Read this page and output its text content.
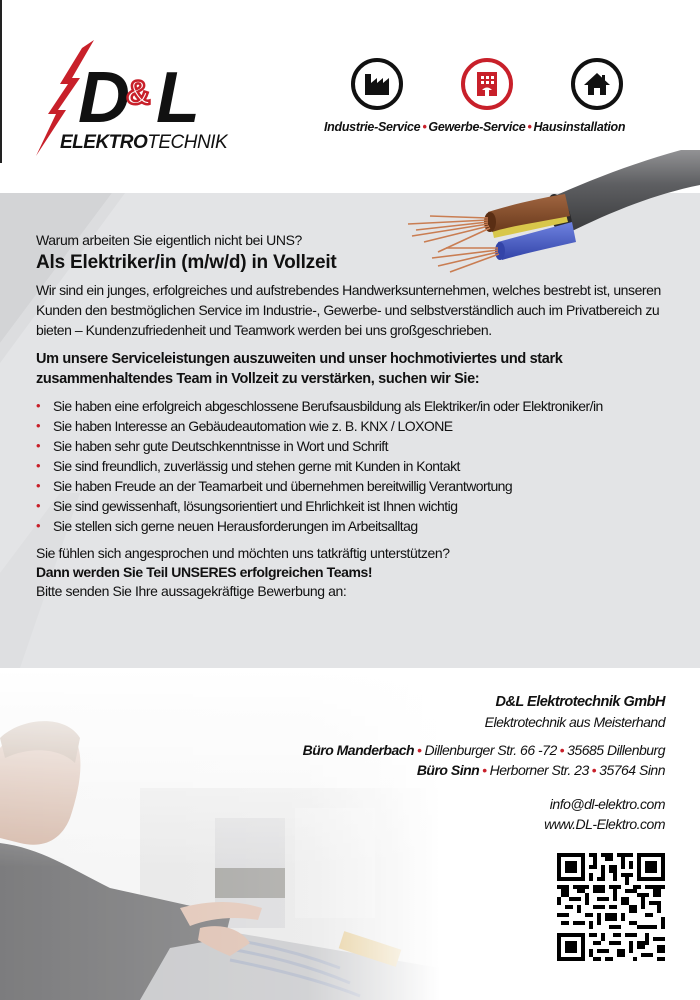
D & L
ELEKTROTECHNIK
Industrie-Service • Gewerbe-Service • Hausinstallation

Warum arbeiten Sie eigentlich nicht bei UNS?

Als Elektriker/in (m/w/d) in Vollzeit

Wir sind ein junges, erfolgreiches und aufstrebendes Handwerksunternehmen, welches bestrebt ist, unseren Kunden den bestmöglichen Service im Industrie-, Gewerbe- und selbstverständlich auch im Privatbereich zu bieten – Kundenzufriedenheit und Teamwork werden bei uns großgeschrieben.

Um unsere Serviceleistungen auszuweiten und unser hochmotiviertes und stark zusammenhaltendes Team in Vollzeit zu verstärken, suchen wir Sie:

• Sie haben eine erfolgreich abgeschlossene Berufsausbildung als Elektriker/in oder Elektroniker/in
• Sie haben Interesse an Gebäudeautomation wie z. B. KNX / LOXONE
• Sie haben sehr gute Deutschkenntnisse in Wort und Schrift
• Sie sind freundlich, zuverlässig und stehen gerne mit Kunden in Kontakt
• Sie haben Freude an der Teamarbeit und übernehmen bereitwillig Verantwortung
• Sie sind gewissenhaft, lösungsorientiert und Ehrlichkeit ist Ihnen wichtig
• Sie stellen sich gerne neuen Herausforderungen im Arbeitsalltag

Sie fühlen sich angesprochen und möchten uns tatkräftig unterstützen?

Dann werden Sie Teil UNSERES erfolgreichen Teams!

Bitte senden Sie Ihre aussagekräftige Bewerbung an:

D&L Elektrotechnik GmbH
Elektrotechnik aus Meisterhand
Büro Manderbach • Dillenburger Str. 66 -72 • 35685 Dillenburg
Büro Sinn • Herborner Str. 23 • 35764 Sinn
info@dl-elektro.com
www.DL-Elektro.com
